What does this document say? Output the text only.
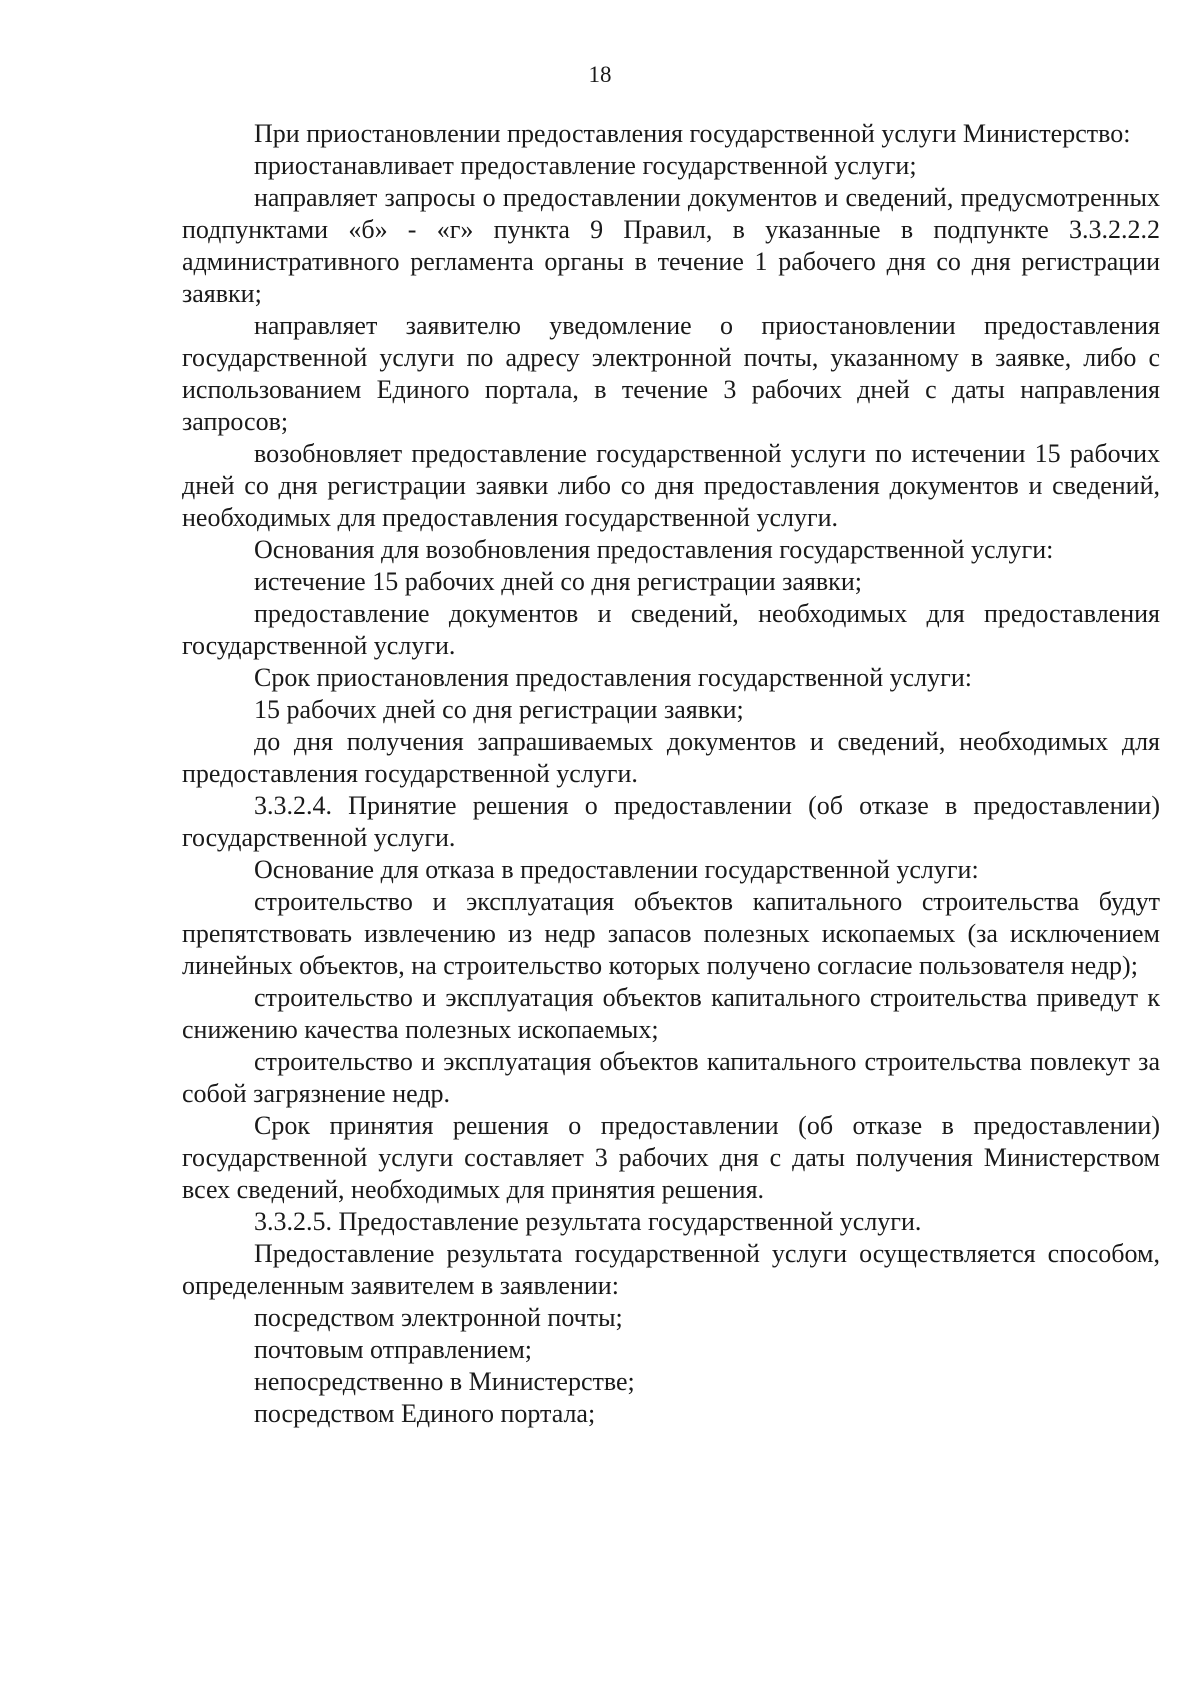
18

При приостановлении предоставления государственной услуги Министерство:

приостанавливает предоставление государственной услуги;

направляет запросы о предоставлении документов и сведений, предусмотренных подпунктами «б» - «г» пункта 9 Правил, в указанные в подпункте 3.3.2.2.2 административного регламента органы в течение 1 рабочего дня со дня регистрации заявки;

направляет заявителю уведомление о приостановлении предоставления государственной услуги по адресу электронной почты, указанному в заявке, либо с использованием Единого портала, в течение 3 рабочих дней с даты направления запросов;

возобновляет предоставление государственной услуги по истечении 15 рабочих дней со дня регистрации заявки либо со дня предоставления документов и сведений, необходимых для предоставления государственной услуги.

Основания для возобновления предоставления государственной услуги:

истечение 15 рабочих дней со дня регистрации заявки;

предоставление документов и сведений, необходимых для предоставления государственной услуги.

Срок приостановления предоставления государственной услуги:

15 рабочих дней со дня регистрации заявки;

до дня получения запрашиваемых документов и сведений, необходимых для предоставления государственной услуги.

3.3.2.4. Принятие решения о предоставлении (об отказе в предоставлении) государственной услуги.

Основание для отказа в предоставлении государственной услуги:

строительство и эксплуатация объектов капитального строительства будут препятствовать извлечению из недр запасов полезных ископаемых (за исключением линейных объектов, на строительство которых получено согласие пользователя недр);

строительство и эксплуатация объектов капитального строительства приведут к снижению качества полезных ископаемых;

строительство и эксплуатация объектов капитального строительства повлекут за собой загрязнение недр.

Срок принятия решения о предоставлении (об отказе в предоставлении) государственной услуги составляет 3 рабочих дня с даты получения Министерством всех сведений, необходимых для принятия решения.

3.3.2.5. Предоставление результата государственной услуги.

Предоставление результата государственной услуги осуществляется способом, определенным заявителем в заявлении:

посредством электронной почты;

почтовым отправлением;

непосредственно в Министерстве;

посредством Единого портала;
